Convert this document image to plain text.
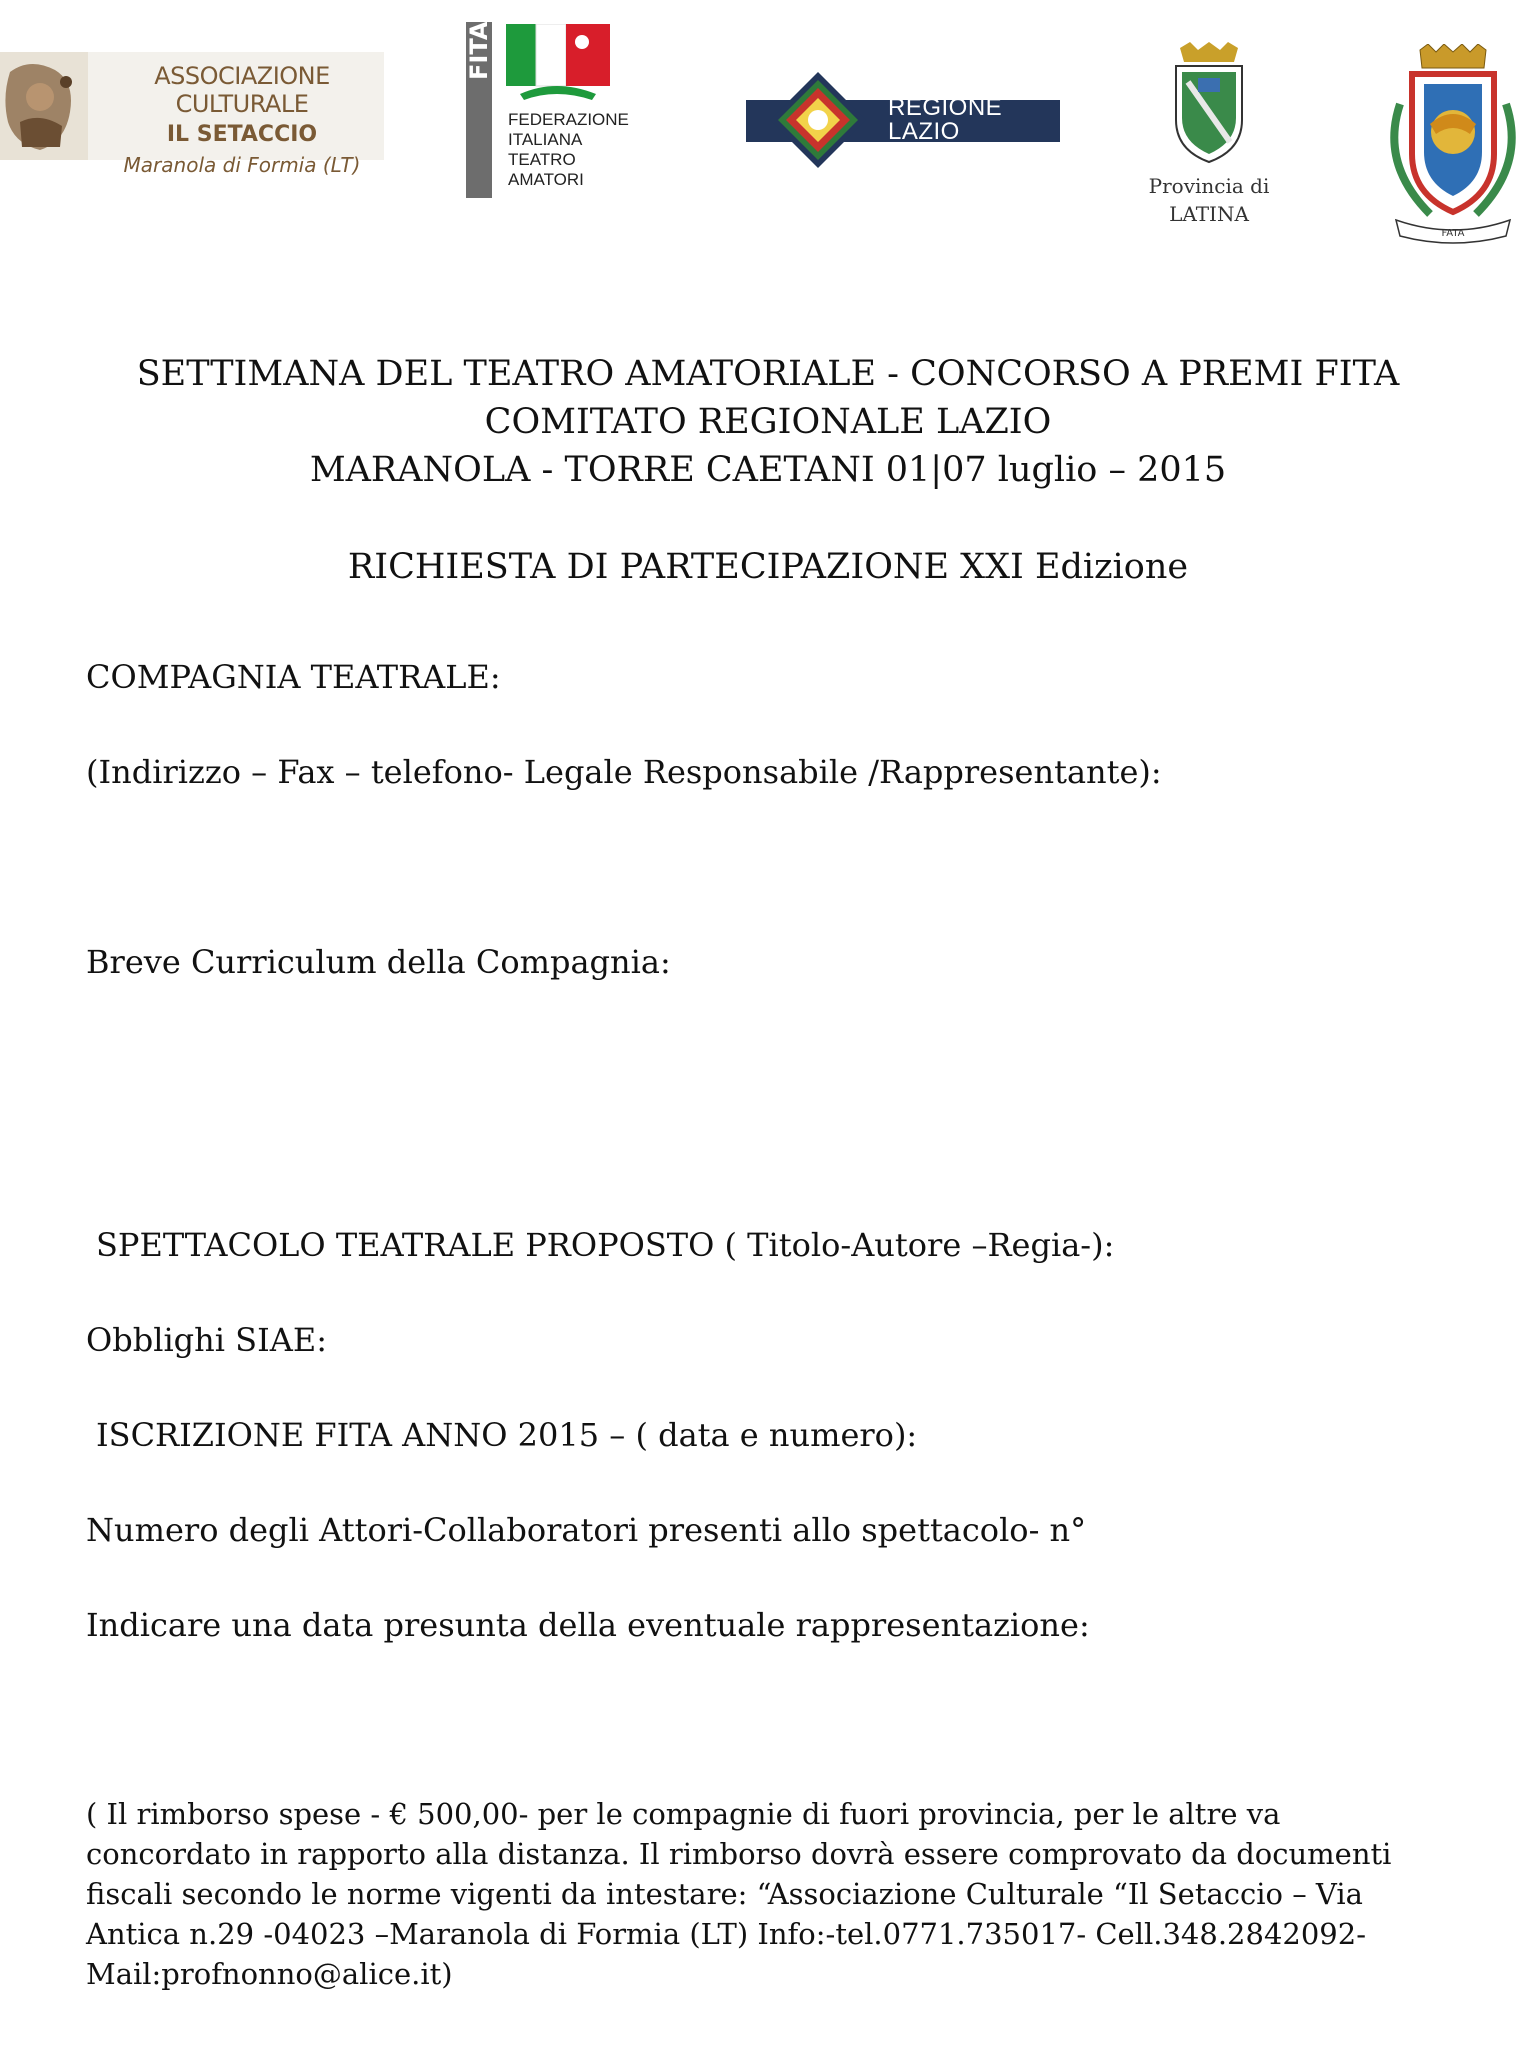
ASSOCIAZIONE CULTURALE
IL SETACCIO
Maranola di Formia (LT)
FITA
FEDERAZIONE
ITALIANA
TEATRO
AMATORI
REGIONE
LAZIO
Provincia di
LATINA
FATA
SETTIMANA DEL TEATRO AMATORIALE - CONCORSO A PREMI FITA
COMITATO REGIONALE LAZIO
MARANOLA - TORRE CAETANI 01|07 luglio – 2015
RICHIESTA DI PARTECIPAZIONE XXI Edizione
COMPAGNIA TEATRALE:
(Indirizzo – Fax – telefono- Legale Responsabile /Rappresentante):
Breve Curriculum della Compagnia:
SPETTACOLO TEATRALE PROPOSTO ( Titolo-Autore –Regia-):
Obblighi SIAE:
ISCRIZIONE FITA ANNO 2015 – ( data e numero):
Numero degli Attori-Collaboratori presenti allo spettacolo- n°
Indicare una data presunta della eventuale rappresentazione:
( Il rimborso spese - € 500,00- per le compagnie di fuori provincia, per le altre va
concordato in rapporto alla distanza. Il rimborso dovrà essere comprovato da documenti
fiscali secondo le norme vigenti da intestare: “Associazione Culturale “Il Setaccio – Via
Antica n.29 -04023 –Maranola di Formia (LT) Info:-tel.0771.735017- Cell.348.2842092-
Mail:profnonno@alice.it)
